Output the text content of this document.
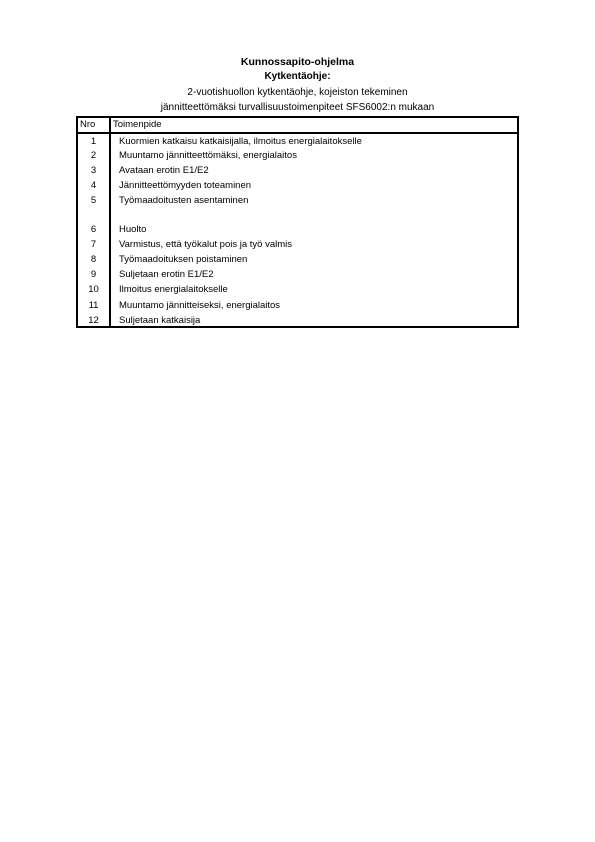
Kunnossapito-ohjelma
Kytkentäohje:
2-vuotishuollon kytkentäohje, kojeiston tekeminen
jännitteettömäksi turvallisuustoimenpiteet SFS6002:n mukaan
Nro Toimenpide
1	Kuormien katkaisu katkaisijalla, ilmoitus energialaitokselle
2	Muuntamo jännitteettömäksi, energialaitos
3	Avataan erotin E1/E2
4	Jännitteettömyyden toteaminen
5	Työmaadoitusten asentaminen
6	Huolto
7	Varmistus, että työkalut pois ja työ valmis
8	Työmaadoituksen poistaminen
9	Suljetaan erotin E1/E2
10	Ilmoitus energialaitokselle
11	Muuntamo jännitteiseksi, energialaitos
12	Suljetaan katkaisija
